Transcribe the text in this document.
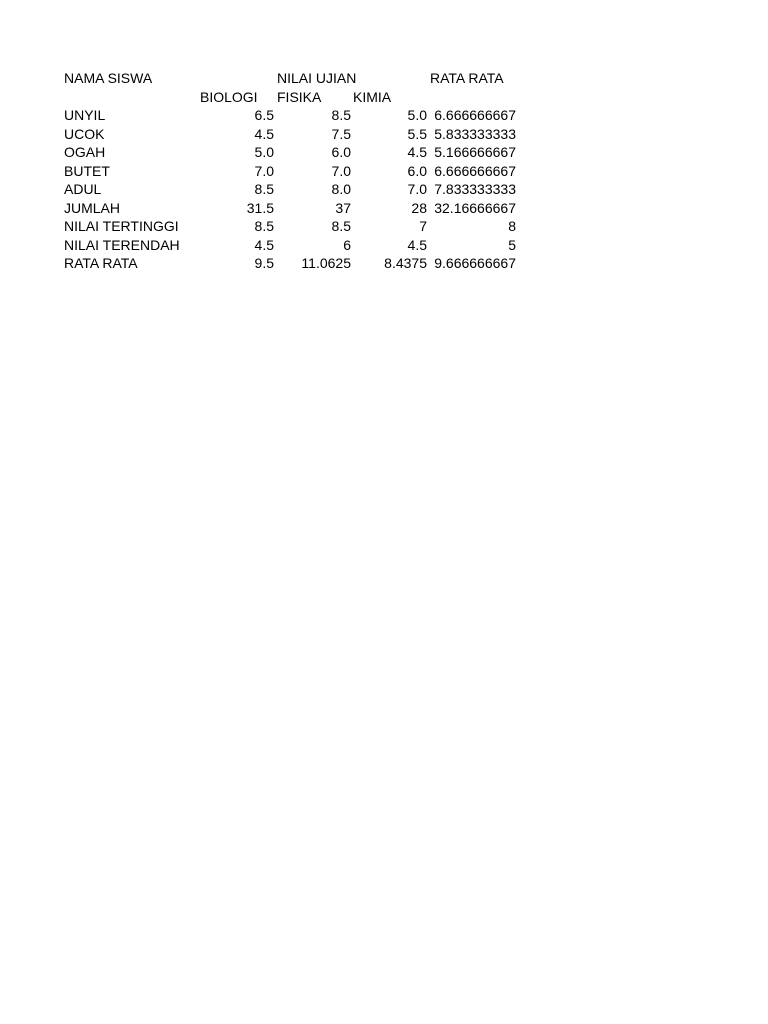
NAMA SISWA	NILAI UJIAN	RATA RATA
BIOLOGI FISIKA KIMIA
UNYIL	6.5	8.5	5.0 6.666666667
UCOK	4.5	7.5	5.5 5.833333333
OGAH	5.0	6.0	4.5 5.166666667
BUTET	7.0	7.0	6.0 6.666666667
ADUL	8.5	8.0	7.0 7.833333333
JUMLAH	31.5	37	28 32.16666667
NILAI TERTINGGI	8.5	8.5	7	8
NILAI TERENDAH	4.5	6	4.5	5
RATA RATA	9.5	11.0625	8.4375 9.666666667
